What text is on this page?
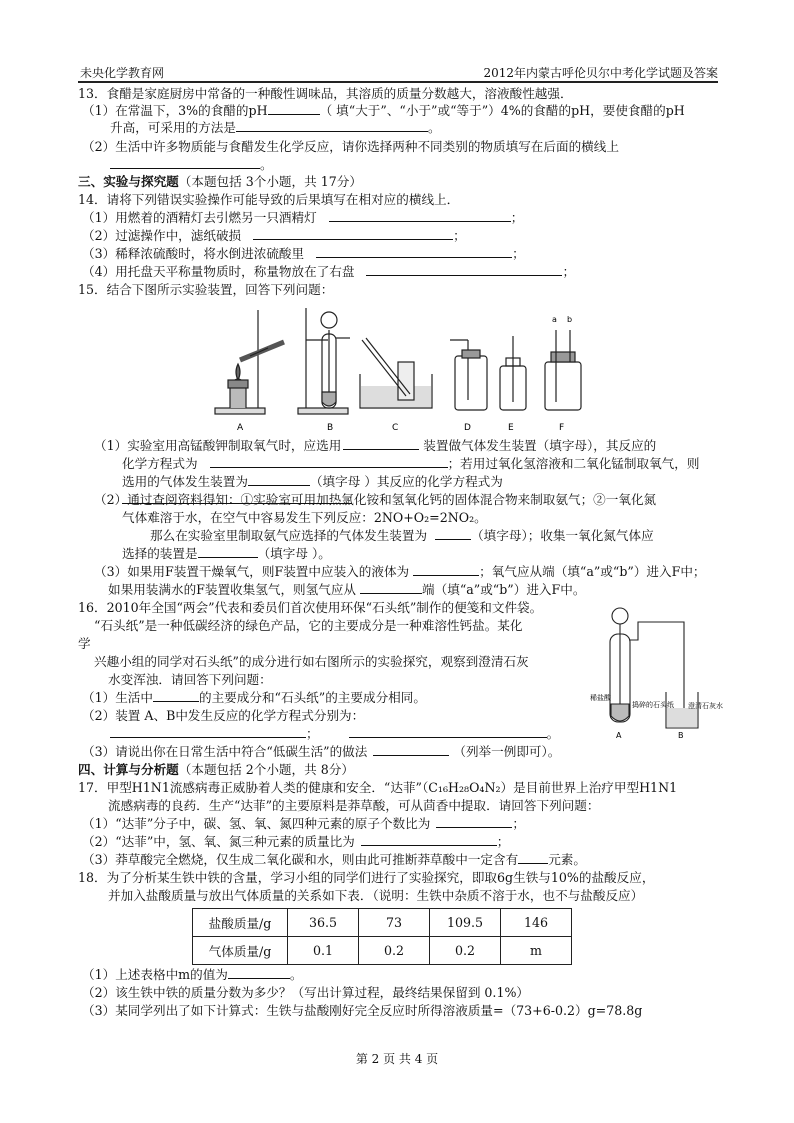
未央化学教育网	2012年内蒙古呼伦贝尔中考化学试题及答案
13．食醋是家庭厨房中常备的一种酸性调味品，其溶质的质量分数越大，溶液酸性越强．
（1）在常温下，3%的食醋的pH	（ 填“大于”、“小于”或“等于”）4%的食醋的pH，要使食醋的pH
升高，可采用的方法是	。
（2）生活中许多物质能与食醋发生化学反应，请你选择两种不同类别的物质填写在后面的横线上
。
三、实验与探究题（本题包括 3个小题，共 17分）
14．请将下列错误实验操作可能导致的后果填写在相对应的横线上．
（1）用燃着的酒精灯去引燃另一只酒精灯	；
（2）过滤操作中，滤纸破损	；
（3）稀释浓硫酸时，将水倒进浓硫酸里	；
（4）用托盘天平称量物质时，称量物放在了右盘	；
15．结合下图所示实验装置，回答下列问题：
A	B	C	D	E
a b
F
（1）实验室用高锰酸钾制取氧气时，应选用	装置做气体发生装置（填字母），其反应的
化学方程式为	；若用过氧化氢溶液和二氧化锰制取氧气，则
选用的气体发生装置为	（填字母 ）其反应的化学方程式为
（2）通过查阅资料得知：①实验室可用加热氯化铵和氢氧化钙的固体混合物来制取氨气；②一氧化氮
气体难溶于水，在空气中容易发生下列反应：2NO+O₂=2NO₂。
那么在实验室里制取氨气应选择的气体发生装置为	（填字母）；收集一氧化氮气体应
选择的装置是	（填字母 ）。
（3）如果用F装置干燥氧气，则F装置中应装入的液体为	；氧气应从端（填“a”或“b”）进入F中；
如果用装满水的F装置收集氢气，则氢气应从	端（填“a”或“b”）进入F中。
16．2010年全国“两会”代表和委员们首次使用环保“石头纸”制作的便笺和文件袋。
“石头纸”是一种低碳经济的绿色产品，它的主要成分是一种难溶性钙盐。某化
学
兴趣小组的同学对石头纸”的成分进行如右图所示的实验探究，观察到澄清石灰
水变浑浊．请回答下列问题：
（1）生活中	的主要成分和“石头纸”的主要成分相同。
（2）装置 A、B中发生反应的化学方程式分别为：
；	。
（3）请说出你在日常生活中符合“低碳生活”的做法	（列举一例即可）。
稀盐酸
捣碎的石头纸 澄清石灰水
A	B
四、计算与分析题（本题包括 2个小题，共 8分）
17．甲型H1N1流感病毒正威胁着人类的健康和安全．“达菲”（C₁₆H₂₈O₄N₂）是目前世界上治疗甲型H1N1
流感病毒的良药．生产“达菲”的主要原料是莽草酸，可从茴香中提取．请回答下列问题：
（1）“达菲”分子中，碳、氢、氧、氮四种元素的原子个数比为	；
（2）“达菲”中，氢、氧、氮三种元素的质量比为	；
（3）莽草酸完全燃烧，仅生成二氧化碳和水，则由此可推断莽草酸中一定含有 元素。
18．为了分析某生铁中铁的含量，学习小组的同学们进行了实验探究，即取6g生铁与10%的盐酸反应，
并加入盐酸质量与放出气体质量的关系如下表．（说明：生铁中杂质不溶于水，也不与盐酸反应）
盐酸质量/g	36.5	73	109.5	146
气体质量/g	0.1	0.2	0.2	m
（1）上述表格中m的值为	。
（2）该生铁中铁的质量分数为多少？（写出计算过程，最终结果保留到 0.1%）
（3）某同学列出了如下计算式：生铁与盐酸刚好完全反应时所得溶液质量=（73+6-0.2）g=78.8g
第 2 页 共 4 页
